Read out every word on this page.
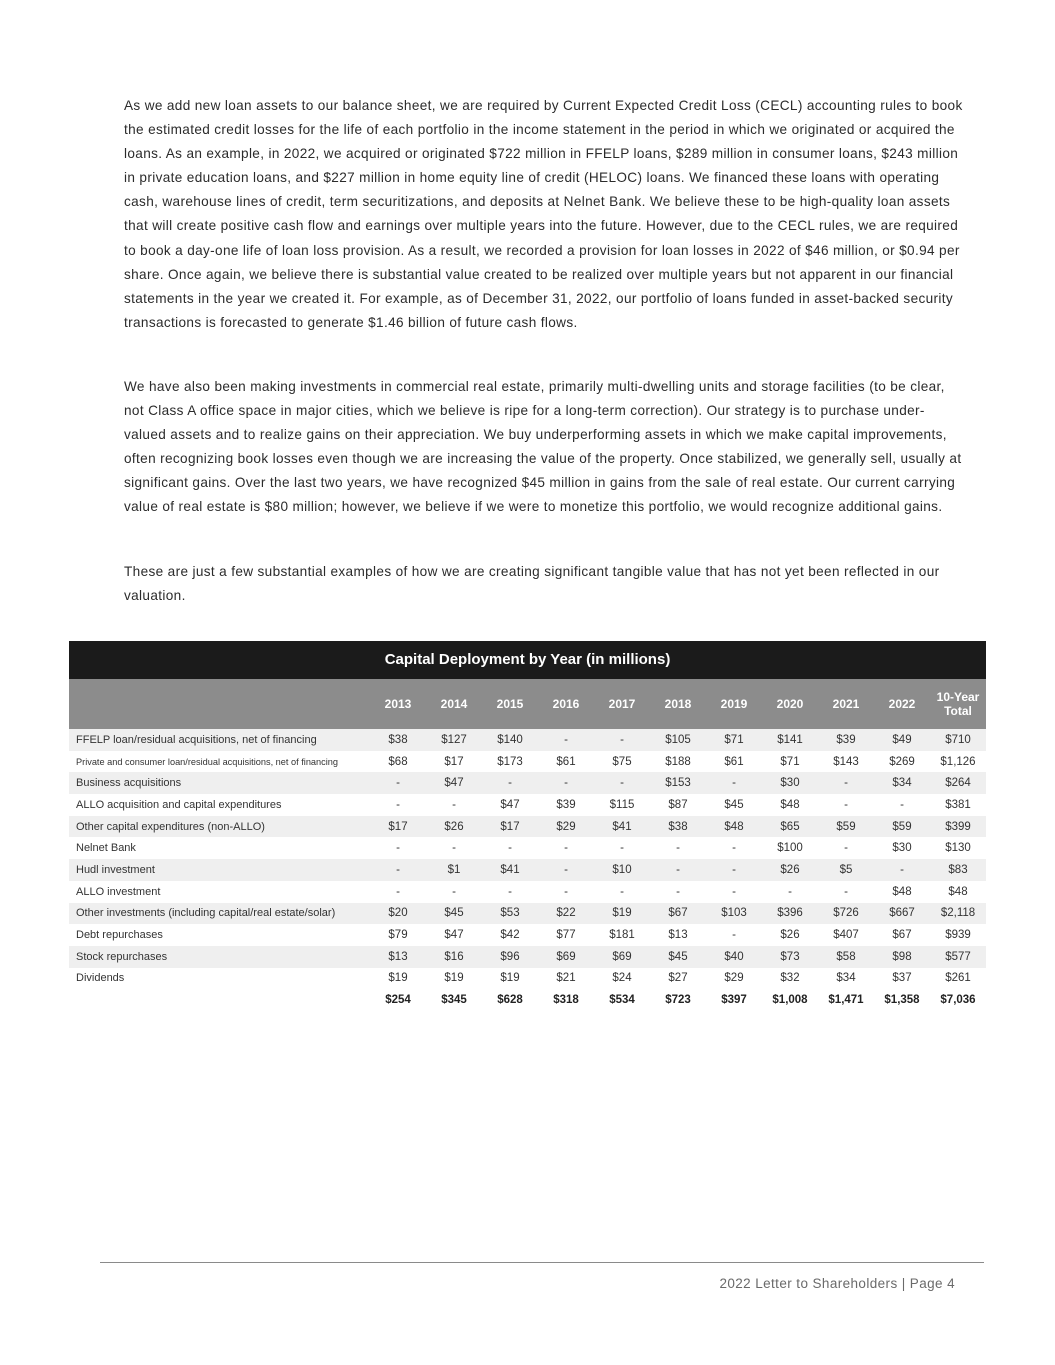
As we add new loan assets to our balance sheet, we are required by Current Expected Credit Loss (CECL) accounting rules to book the estimated credit losses for the life of each portfolio in the income statement in the period in which we originated or acquired the loans. As an example, in 2022, we acquired or originated $722 million in FFELP loans, $289 million in consumer loans, $243 million in private education loans, and $227 million in home equity line of credit (HELOC) loans. We financed these loans with operating cash, warehouse lines of credit, term securitizations, and deposits at Nelnet Bank. We believe these to be high-quality loan assets that will create positive cash flow and earnings over multiple years into the future. However, due to the CECL rules, we are required to book a day-one life of loan loss provision. As a result, we recorded a provision for loan losses in 2022 of $46 million, or $0.94 per share. Once again, we believe there is substantial value created to be realized over multiple years but not apparent in our financial statements in the year we created it. For example, as of December 31, 2022, our portfolio of loans funded in asset-backed security transactions is forecasted to generate $1.46 billion of future cash flows.

We have also been making investments in commercial real estate, primarily multi-dwelling units and storage facilities (to be clear, not Class A office space in major cities, which we believe is ripe for a long-term correction). Our strategy is to purchase under-valued assets and to realize gains on their appreciation. We buy underperforming assets in which we make capital improvements, often recognizing book losses even though we are increasing the value of the property. Once stabilized, we generally sell, usually at significant gains. Over the last two years, we have recognized $45 million in gains from the sale of real estate. Our current carrying value of real estate is $80 million; however, we believe if we were to monetize this portfolio, we would recognize additional gains.

These are just a few substantial examples of how we are creating significant tangible value that has not yet been reflected in our valuation.

Capital Deployment by Year (in millions)
	2013	2014	2015	2016	2017	2018	2019	2020	2021	2022	10-Year
Total
FFELP loan/residual acquisitions, net of financing	$38	$127	$140	-	-	$105	$71	$141	$39	$49	$710
Private and consumer loan/residual acquisitions, net of financing	$68	$17	$173	$61	$75	$188	$61	$71	$143	$269	$1,126
Business acquisitions	-	$47	-	-	-	$153	-	$30	-	$34	$264
ALLO acquisition and capital expenditures	-	-	$47	$39	$115	$87	$45	$48	-	-	$381
Other capital expenditures (non-ALLO)	$17	$26	$17	$29	$41	$38	$48	$65	$59	$59	$399
Nelnet Bank	-	-	-	-	-	-	-	$100	-	$30	$130
Hudl investment	-	$1	$41	-	$10	-	-	$26	$5	-	$83
ALLO investment	-	-	-	-	-	-	-	-	-	$48	$48
Other investments (including capital/real estate/solar)	$20	$45	$53	$22	$19	$67	$103	$396	$726	$667	$2,118
Debt repurchases	$79	$47	$42	$77	$181	$13	-	$26	$407	$67	$939
Stock repurchases	$13	$16	$96	$69	$69	$45	$40	$73	$58	$98	$577
Dividends	$19	$19	$19	$21	$24	$27	$29	$32	$34	$37	$261
	$254	$345	$628	$318	$534	$723	$397	$1,008	$1,471	$1,358	$7,036
2022 Letter to Shareholders | Page 4
